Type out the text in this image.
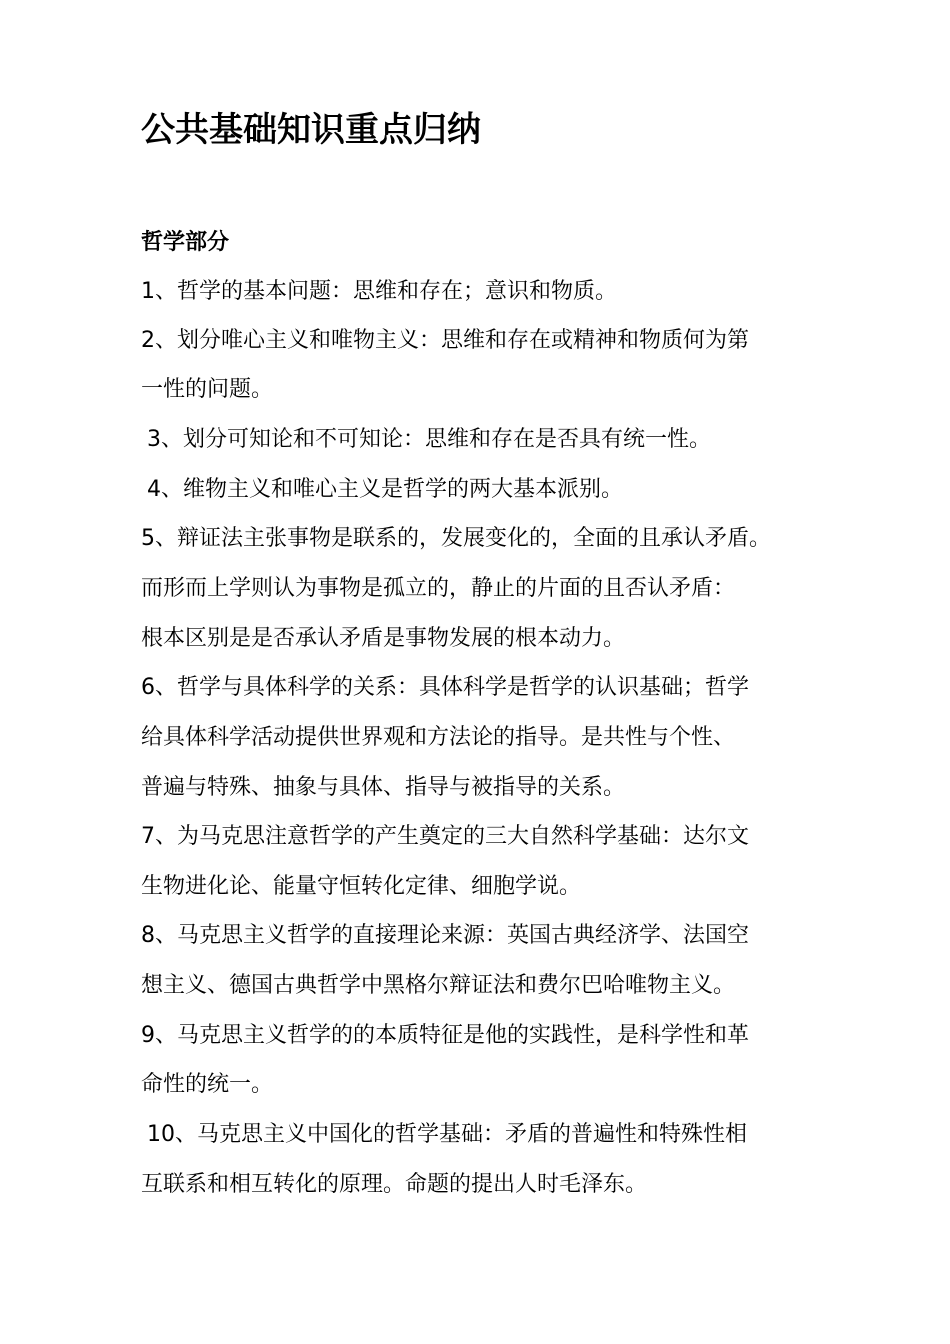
公共基础知识重点归纳
哲学部分

1、哲学的基本问题：思维和存在；意识和物质。

2、划分唯心主义和唯物主义：思维和存在或精神和物质何为第

一性的问题。

3、划分可知论和不可知论：思维和存在是否具有统一性。

4、维物主义和唯心主义是哲学的两大基本派别。

5、辩证法主张事物是联系的，发展变化的，全面的且承认矛盾。

而形而上学则认为事物是孤立的，静止的片面的且否认矛盾：

根本区别是是否承认矛盾是事物发展的根本动力。

6、哲学与具体科学的关系：具体科学是哲学的认识基础；哲学

给具体科学活动提供世界观和方法论的指导。是共性与个性、

普遍与特殊、抽象与具体、指导与被指导的关系。

7、为马克思注意哲学的产生奠定的三大自然科学基础：达尔文

生物进化论、能量守恒转化定律、细胞学说。

8、马克思主义哲学的直接理论来源：英国古典经济学、法国空

想主义、德国古典哲学中黑格尔辩证法和费尔巴哈唯物主义。

9、马克思主义哲学的的本质特征是他的实践性，是科学性和革

命性的统一。

10、马克思主义中国化的哲学基础：矛盾的普遍性和特殊性相

互联系和相互转化的原理。命题的提出人时毛泽东。
